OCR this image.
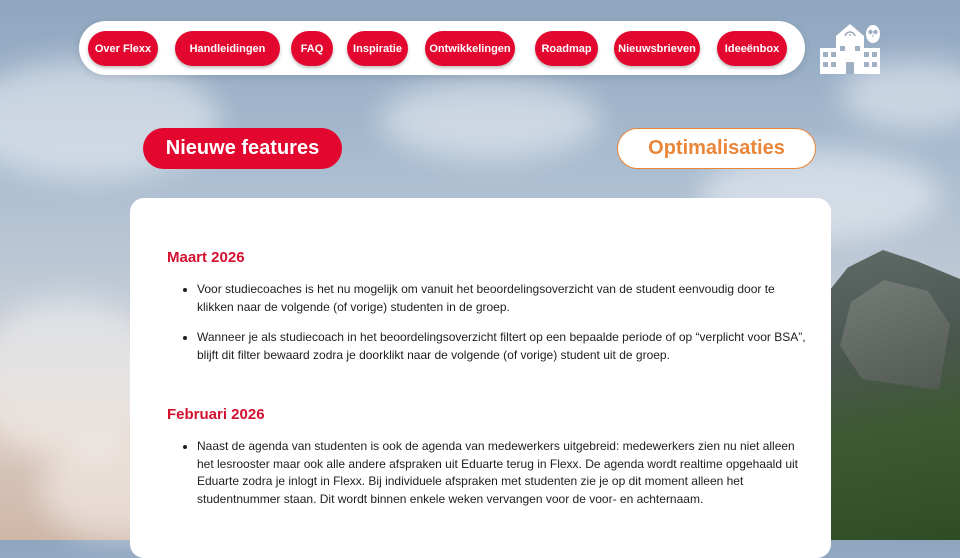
Over Flexx	Handleidingen	FAQ	Inspiratie	Ontwikkelingen	Roadmap	Nieuwsbrieven	Ideeënbox
Nieuwe features	Optimalisaties
Maart 2026
• Voor studiecoaches is het nu mogelijk om vanuit het beoordelingsoverzicht van de student eenvoudig door te klikken naar de volgende (of vorige) studenten in de groep.
• Wanneer je als studiecoach in het beoordelingsoverzicht filtert op een bepaalde periode of op “verplicht voor BSA”, blijft dit filter bewaard zodra je doorklikt naar de volgende (of vorige) student uit de groep.
Februari 2026
• Naast de agenda van studenten is ook de agenda van medewerkers uitgebreid: medewerkers zien nu niet alleen het lesrooster maar ook alle andere afspraken uit Eduarte terug in Flexx. De agenda wordt realtime opgehaald uit Eduarte zodra je inlogt in Flexx. Bij individuele afspraken met studenten zie je op dit moment alleen het studentnummer staan. Dit wordt binnen enkele weken vervangen voor de voor- en achternaam.
